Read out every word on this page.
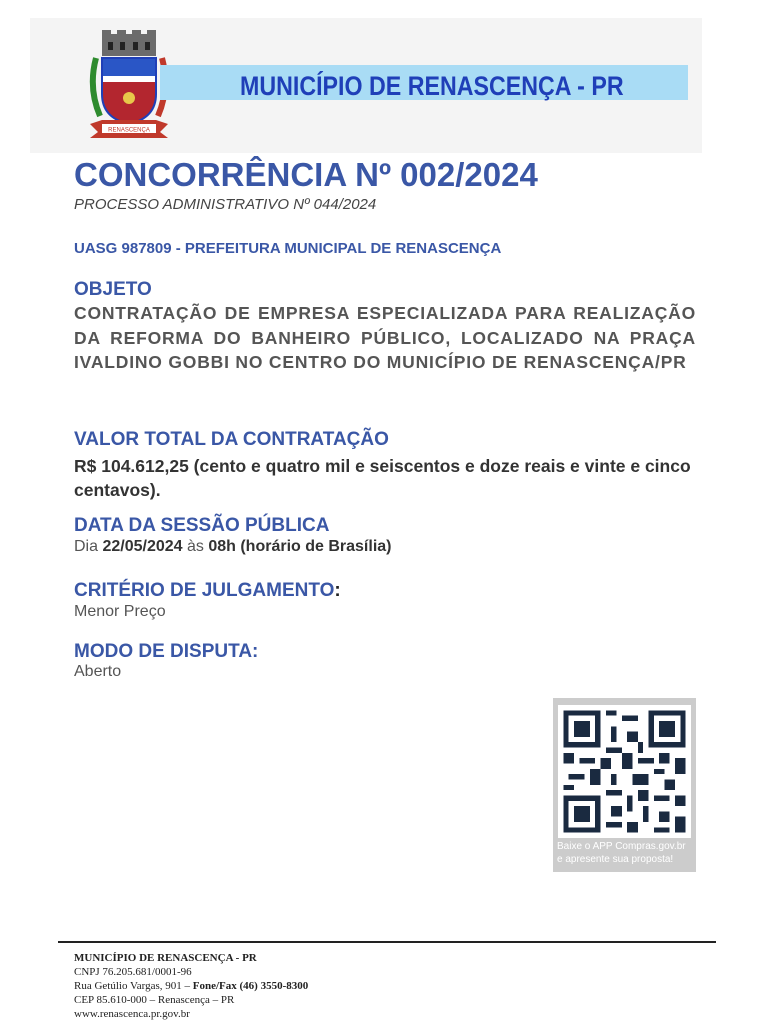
RENASCENÇA
MUNICÍPIO DE RENASCENÇA - PR
CONCORRÊNCIA Nº 002/2024
PROCESSO ADMINISTRATIVO Nº 044/2024
UASG 987809 - PREFEITURA MUNICIPAL DE RENASCENÇA
OBJETO
CONTRATAÇÃO DE EMPRESA ESPECIALIZADA PARA REALIZAÇÃO DA REFORMA DO BANHEIRO PÚBLICO, LOCALIZADO NA PRAÇA IVALDINO GOBBI NO CENTRO DO MUNICÍPIO DE RENASCENÇA/PR
VALOR TOTAL DA CONTRATAÇÃO
R$ 104.612,25 (cento e quatro mil e seiscentos e doze reais e vinte e cinco centavos).
DATA DA SESSÃO PÚBLICA
Dia 22/05/2024 às 08h (horário de Brasília)
CRITÉRIO DE JULGAMENTO:
Menor Preço
MODO DE DISPUTA:
Aberto
Baixe o APP Compras.gov.br
e apresente sua proposta!
MUNICÍPIO DE RENASCENÇA - PR
CNPJ 76.205.681/0001-96
Rua Getúlio Vargas, 901 – Fone/Fax (46) 3550-8300
CEP 85.610-000 – Renascença – PR
www.renascenca.pr.gov.br
